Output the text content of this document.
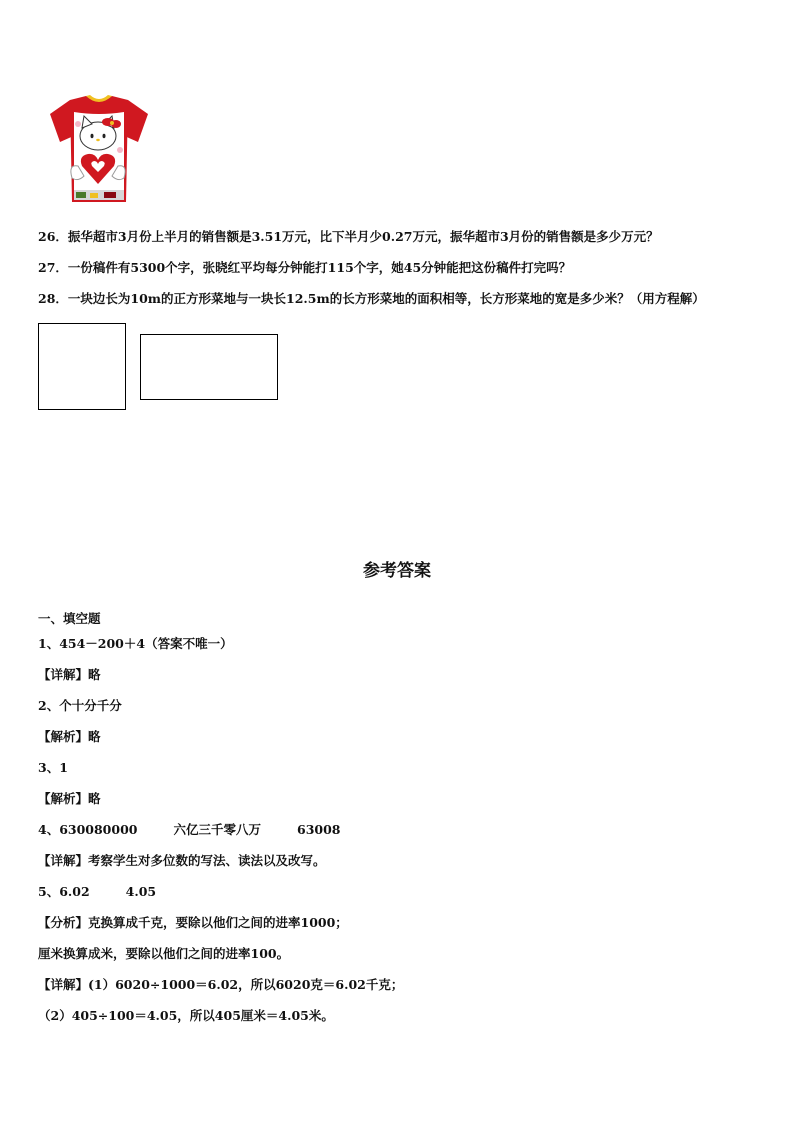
26．振华超市3月份上半月的销售额是3.51万元，比下半月少0.27万元，振华超市3月份的销售额是多少万元？
27．一份稿件有5300个字，张晓红平均每分钟能打115个字，她45分钟能把这份稿件打完吗？
28．一块边长为10m的正方形菜地与一块长12.5m的长方形菜地的面积相等，长方形菜地的宽是多少米？（用方程解）
参考答案
一、填空题
1、454－200＋4（答案不唯一）
【详解】略
2、个十分千分
【解析】略
3、1
【解析】略
4、630080000	六亿三千零八万	63008
【详解】考察学生对多位数的写法、读法以及改写。
5、6.02	4.05
【分析】克换算成千克，要除以他们之间的进率1000；
厘米换算成米，要除以他们之间的进率100。
【详解】(1）6020÷1000＝6.02，所以6020克＝6.02千克；
（2）405÷100＝4.05，所以405厘米＝4.05米。
